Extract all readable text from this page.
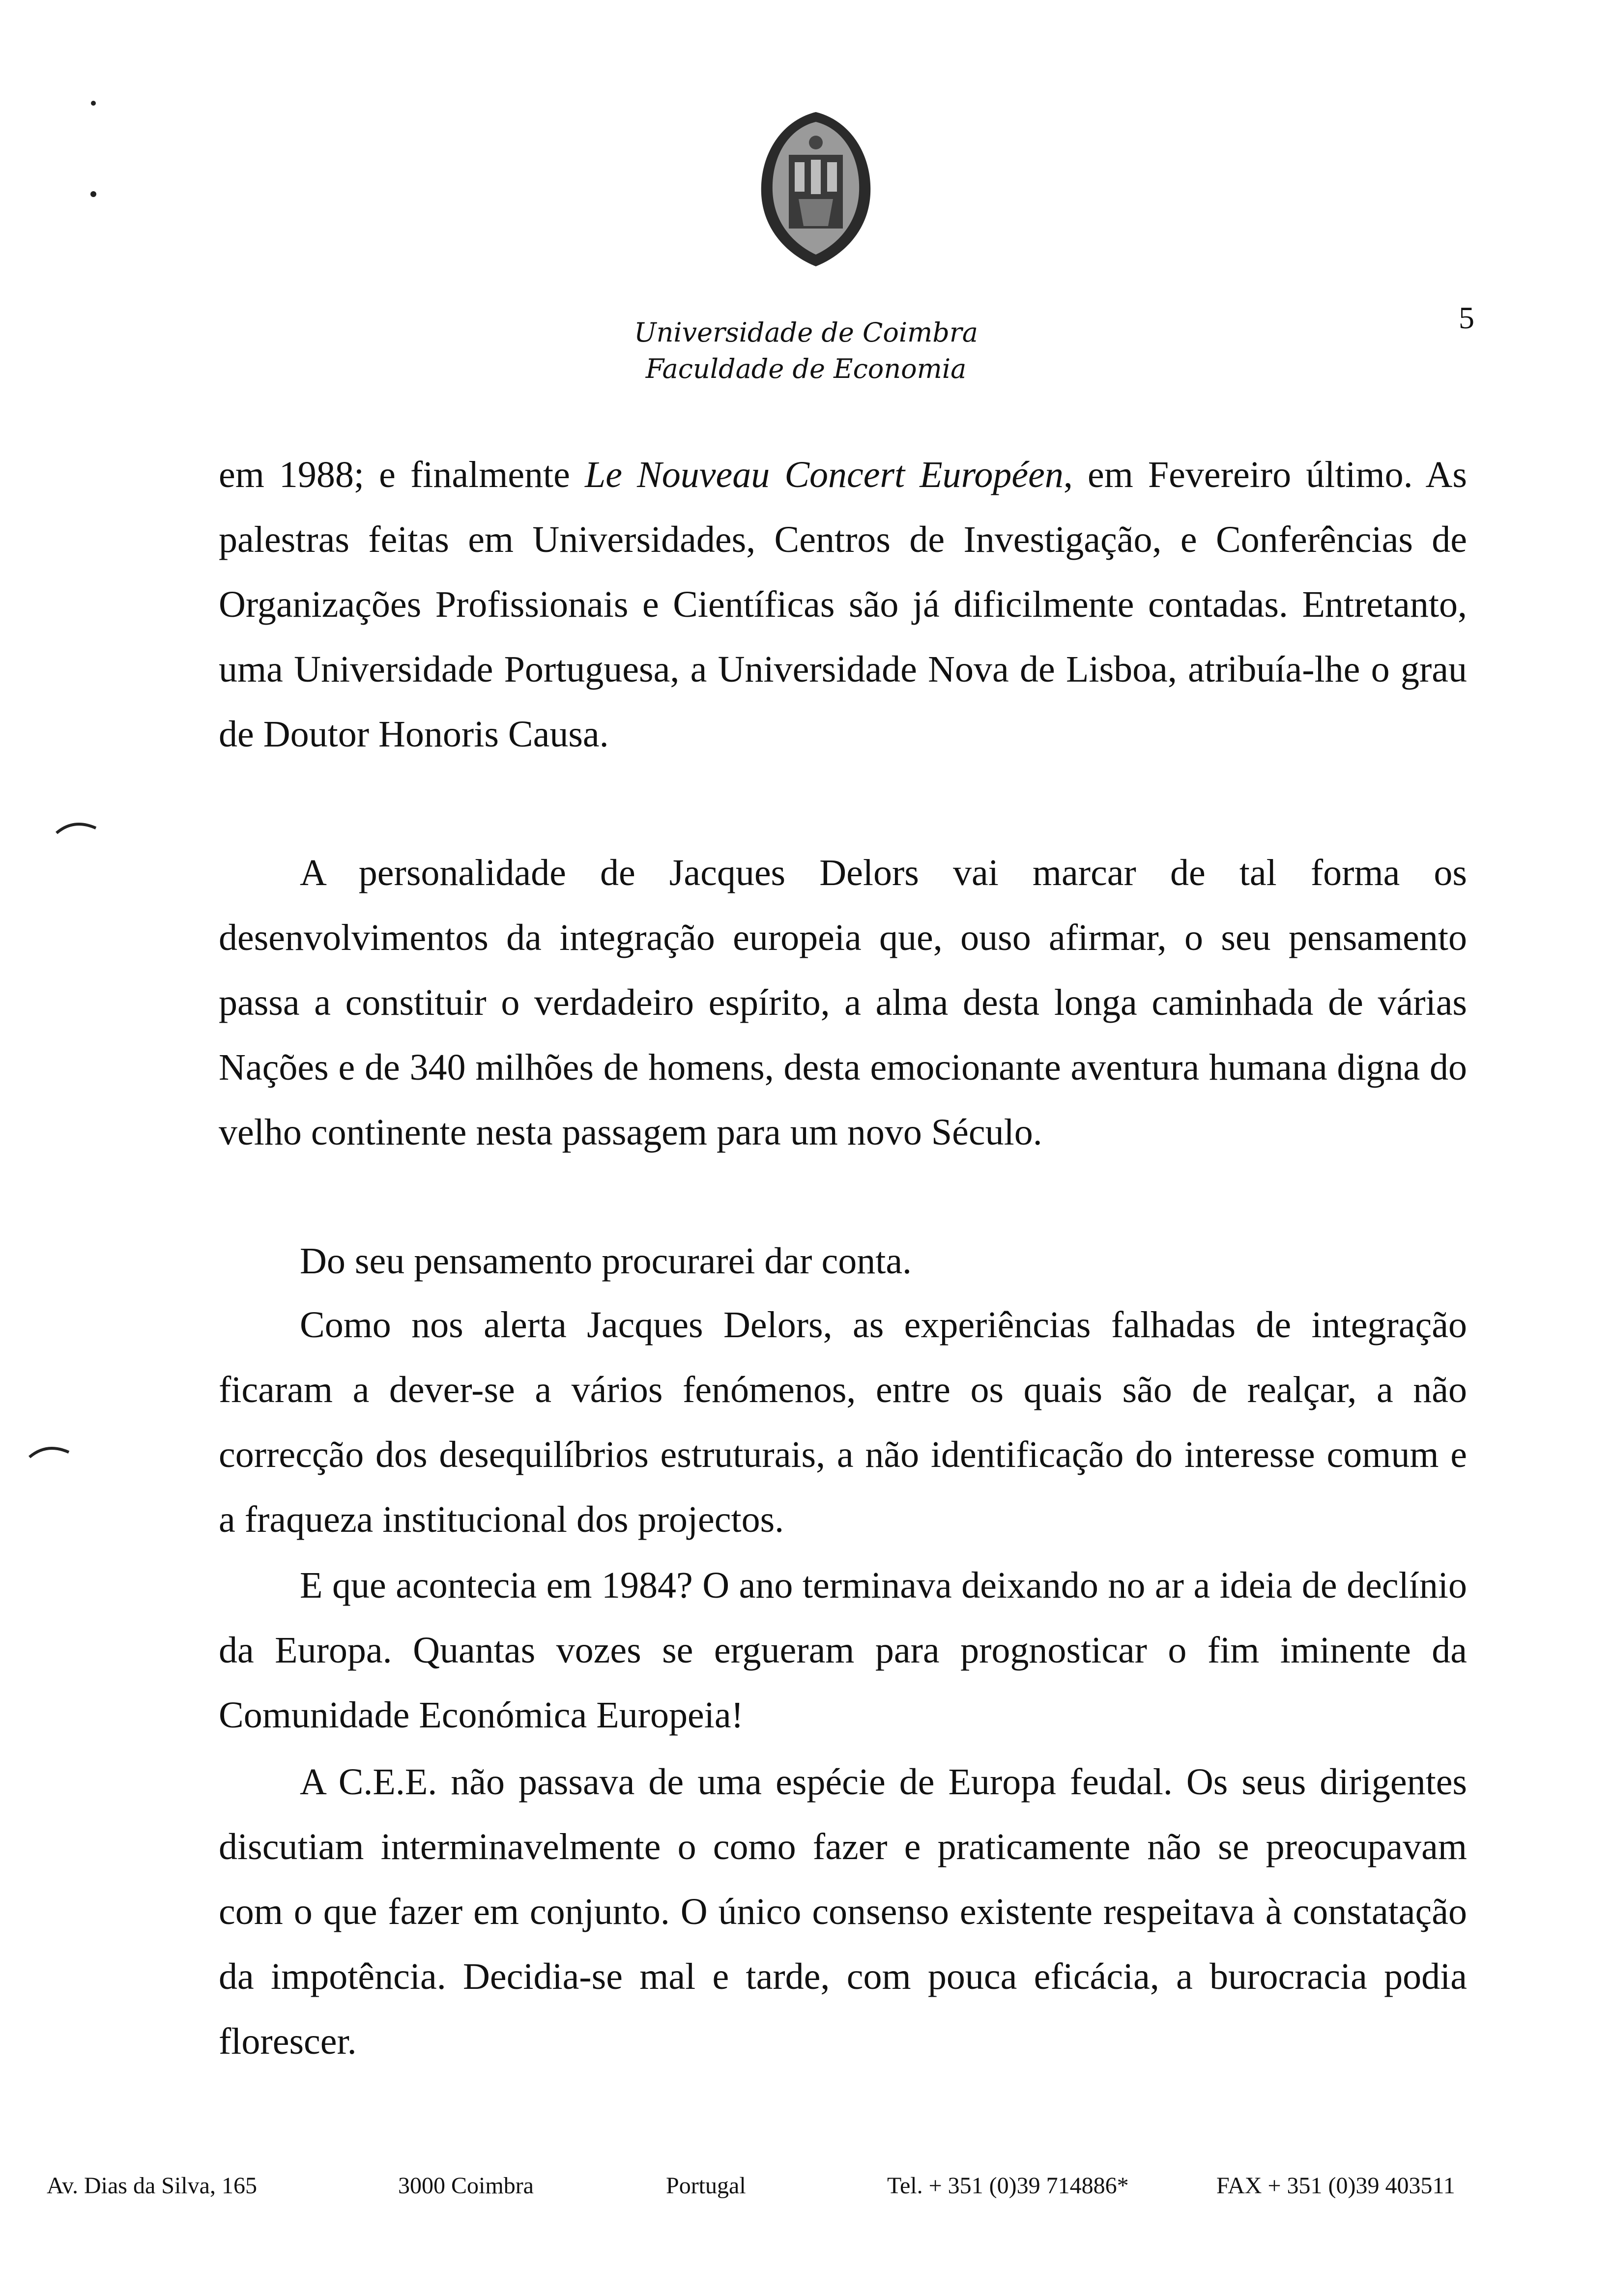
Universidade de Coimbra
Faculdade de Economia
5

em 1988; e finalmente Le Nouveau Concert Européen, em Fevereiro último. As palestras feitas em Universidades, Centros de Investigação, e Conferências de Organizações Profissionais e Científicas são já dificilmente contadas. Entretanto, uma Universidade Portuguesa, a Universidade Nova de Lisboa, atribuía-lhe o grau de Doutor Honoris Causa.

A personalidade de Jacques Delors vai marcar de tal forma os desenvolvimentos da integração europeia que, ouso afirmar, o seu pensamento passa a constituir o verdadeiro espírito, a alma desta longa caminhada de várias Nações e de 340 milhões de homens, desta emocionante aventura humana digna do velho continente nesta passagem para um novo Século.

Do seu pensamento procurarei dar conta.

Como nos alerta Jacques Delors, as experiências falhadas de integração ficaram a dever-se a vários fenómenos, entre os quais são de realçar, a não correcção dos desequilíbrios estruturais, a não identificação do interesse comum e a fraqueza institucional dos projectos.

E que acontecia em 1984? O ano terminava deixando no ar a ideia de declínio da Europa. Quantas vozes se ergueram para prognosticar o fim iminente da Comunidade Económica Europeia!

A C.E.E. não passava de uma espécie de Europa feudal. Os seus dirigentes discutiam interminavelmente o como fazer e praticamente não se preocupavam com o que fazer em conjunto. O único consenso existente respeitava à constatação da impotência. Decidia-se mal e tarde, com pouca eficácia, a burocracia podia florescer.

Av. Dias da Silva, 165	3000 Coimbra	Portugal	Tel. + 351 (0)39 714886*	FAX + 351 (0)39 403511
